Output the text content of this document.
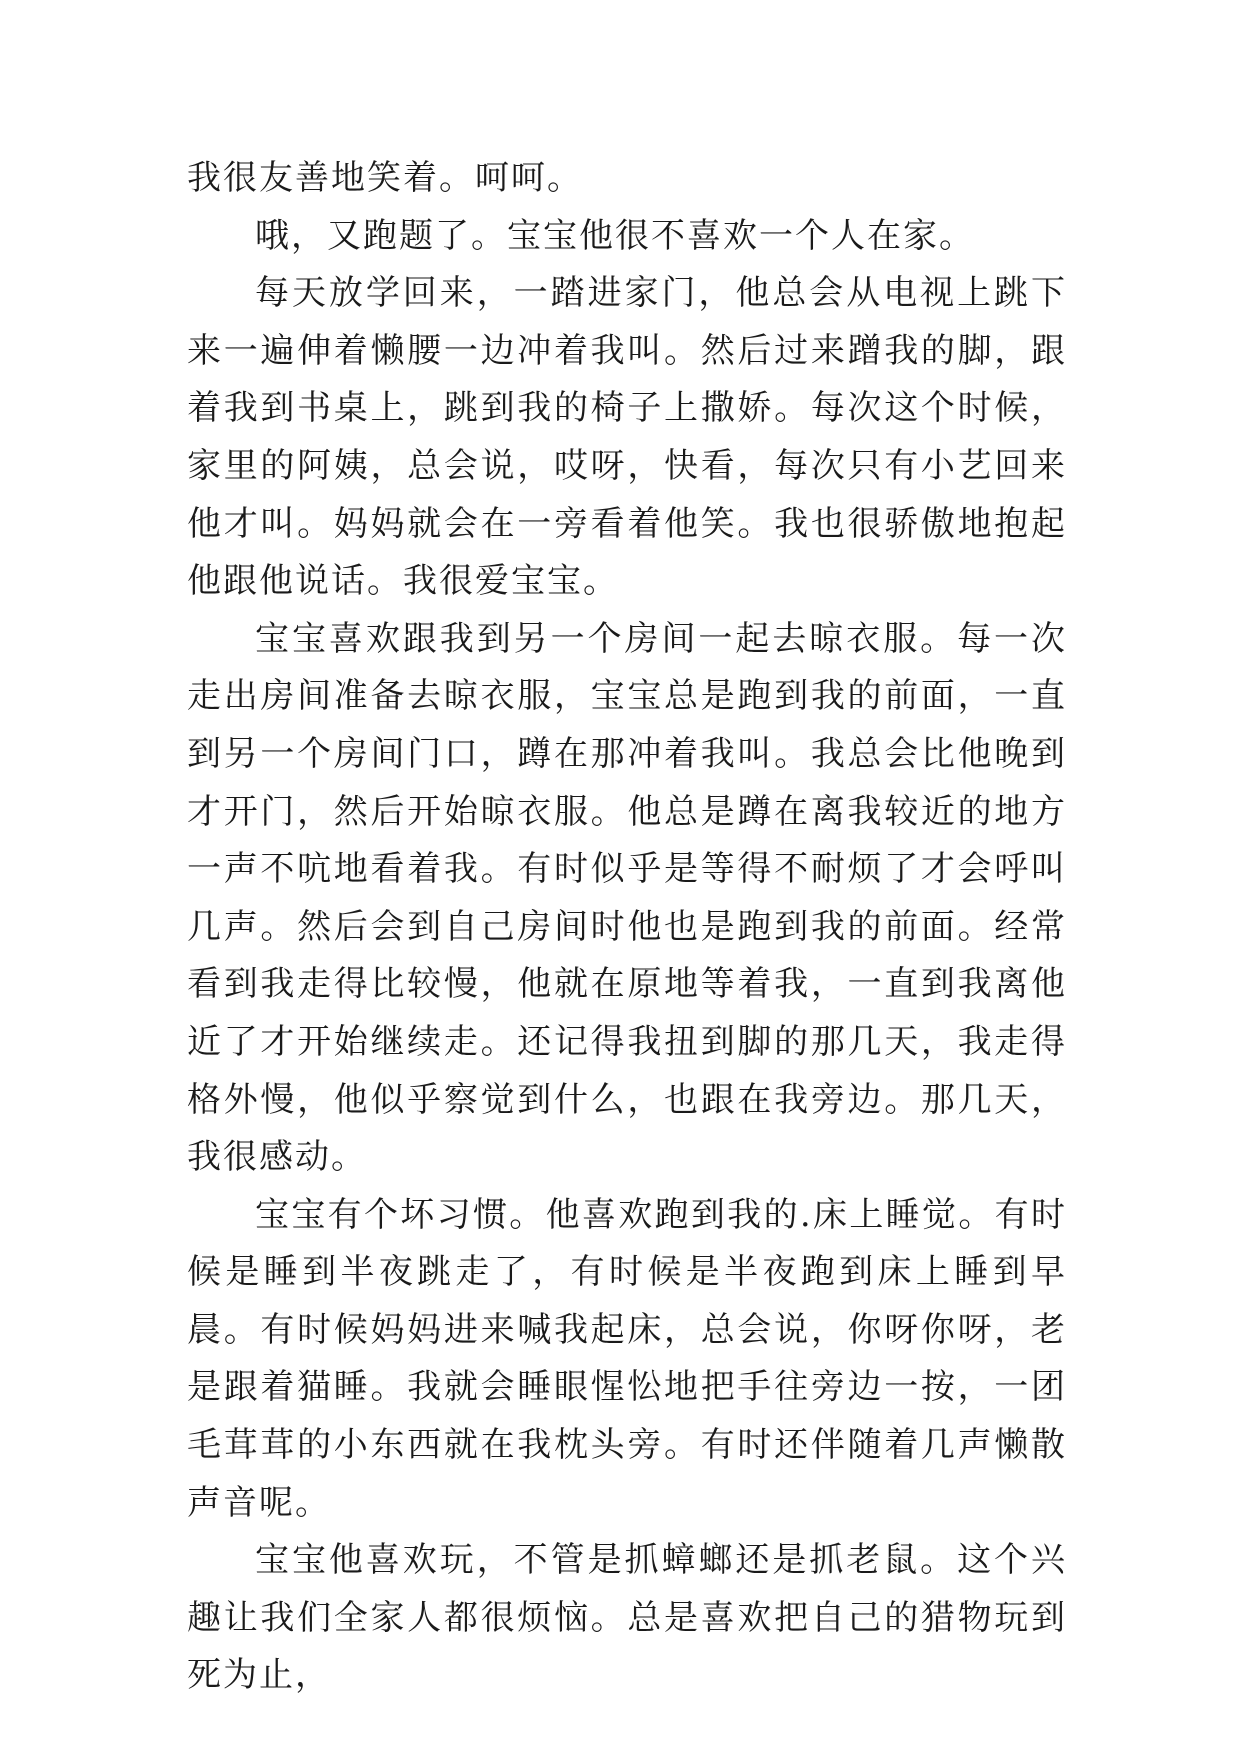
我很友善地笑着。呵呵。

哦，又跑题了。宝宝他很不喜欢一个人在家。

每天放学回来，一踏进家门，他总会从电视上跳下来一遍伸着懒腰一边冲着我叫。然后过来蹭我的脚，跟着我到书桌上，跳到我的椅子上撒娇。每次这个时候，家里的阿姨，总会说，哎呀，快看，每次只有小艺回来他才叫。妈妈就会在一旁看着他笑。我也很骄傲地抱起他跟他说话。我很爱宝宝。

宝宝喜欢跟我到另一个房间一起去晾衣服。每一次走出房间准备去晾衣服，宝宝总是跑到我的前面，一直到另一个房间门口，蹲在那冲着我叫。我总会比他晚到才开门，然后开始晾衣服。他总是蹲在离我较近的地方一声不吭地看着我。有时似乎是等得不耐烦了才会呼叫几声。然后会到自己房间时他也是跑到我的前面。经常看到我走得比较慢，他就在原地等着我，一直到我离他近了才开始继续走。还记得我扭到脚的那几天，我走得格外慢，他似乎察觉到什么，也跟在我旁边。那几天，我很感动。

宝宝有个坏习惯。他喜欢跑到我的.床上睡觉。有时候是睡到半夜跳走了，有时候是半夜跑到床上睡到早晨。有时候妈妈进来喊我起床，总会说，你呀你呀，老是跟着猫睡。我就会睡眼惺忪地把手往旁边一按，一团毛茸茸的小东西就在我枕头旁。有时还伴随着几声懒散声音呢。

宝宝他喜欢玩，不管是抓蟑螂还是抓老鼠。这个兴趣让我们全家人都很烦恼。总是喜欢把自己的猎物玩到死为止，
